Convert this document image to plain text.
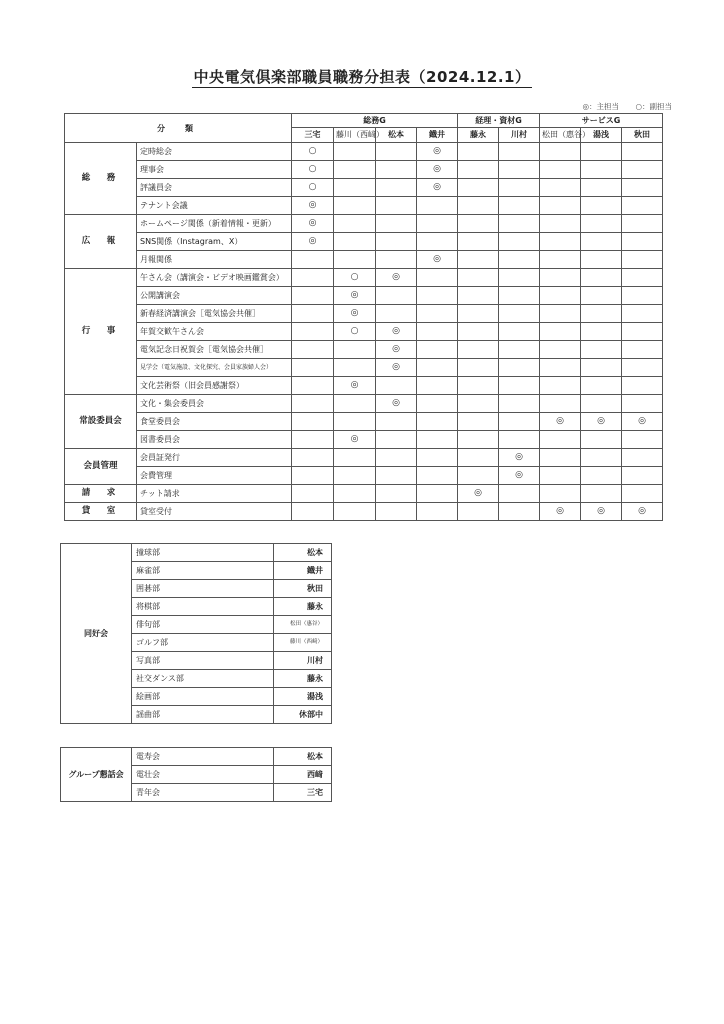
中央電気倶楽部職員職務分担表（2024.12.1）
◎：主担当 ○：副担当
分　類		総務G				経理・資材G		サービスG		
		三宅	藤川（西﨑）	松本	鐡井	藤永	川村	松田（惠谷）	湯浅	秋田
総　務	定時総会	○			◎					
	理事会	○			◎					
	評議員会	○			◎					
	テナント会議	◎								
広　報	ホームページ関係（新着情報・更新）	◎								
	SNS関係（Instagram、X）	◎								
	月報関係				◎					
行　事	午さん会（講演会・ビデオ映画鑑賞会）		○	◎						
	公開講演会		◎							
	新春経済講演会［電気協会共催］		◎							
	年賀交歓午さん会		○	◎						
	電気記念日祝賀会［電気協会共催］			◎						
	見学会（電気施設、文化探究、会員家族婦人会）			◎						
	文化芸術祭（旧会員感謝祭）		◎							
常設委員会	文化・集会委員会			◎						
	食堂委員会							◎	◎	◎
	図書委員会		◎							
会員管理	会員証発行						◎			
	会費管理						◎			
請　求	チット請求					◎				
貸　室	貸室受付							◎	◎	◎
同好会	撞球部	松本
	麻雀部	鐡井
	囲碁部	秋田
	将棋部	藤永
	俳句部	松田（惠谷）
	ゴルフ部	藤川（西﨑）
	写真部	川村
	社交ダンス部	藤永
	絵画部	湯浅
	謡曲部	休部中
グループ懇話会	電寿会	松本
	電壮会	西﨑
	青年会	三宅
